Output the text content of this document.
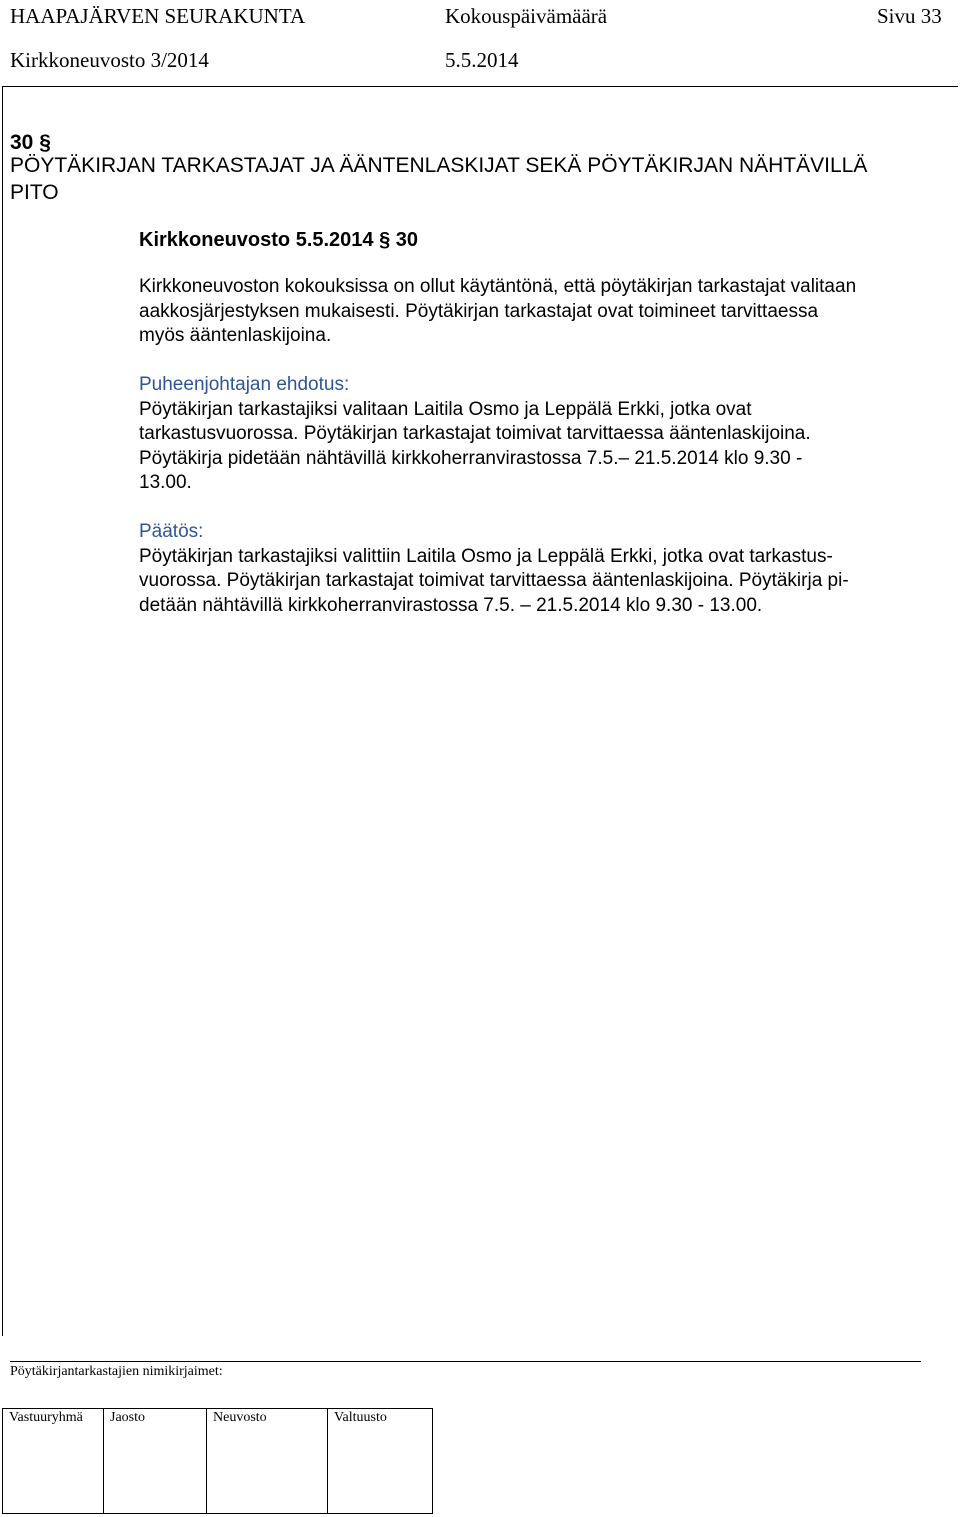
HAAPAJÄRVEN SEURAKUNTA	Kokouspäivämäärä	Sivu 33
Kirkkoneuvosto 3/2014	5.5.2014
30 §
PÖYTÄKIRJAN TARKASTAJAT JA ÄÄNTENLASKIJAT SEKÄ PÖYTÄKIRJAN NÄHTÄVILLÄ
PITO
Kirkkoneuvosto 5.5.2014 § 30
Kirkkoneuvoston kokouksissa on ollut käytäntönä, että pöytäkirjan tarkastajat valitaan
aakkosjärjestyksen mukaisesti. Pöytäkirjan tarkastajat ovat toimineet tarvittaessa
myös ääntenlaskijoina.
Puheenjohtajan ehdotus:
Pöytäkirjan tarkastajiksi valitaan Laitila Osmo ja Leppälä Erkki, jotka ovat
tarkastusvuorossa. Pöytäkirjan tarkastajat toimivat tarvittaessa ääntenlaskijoina.
Pöytäkirja pidetään nähtävillä kirkkoherranvirastossa 7.5.– 21.5.2014 klo 9.30 -
13.00.
Päätös:
Pöytäkirjan tarkastajiksi valittiin Laitila Osmo ja Leppälä Erkki, jotka ovat tarkastus-
vuorossa. Pöytäkirjan tarkastajat toimivat tarvittaessa ääntenlaskijoina. Pöytäkirja pi-
detään nähtävillä kirkkoherranvirastossa 7.5. – 21.5.2014 klo 9.30 - 13.00.
Pöytäkirjantarkastajien nimikirjaimet:
Vastuuryhmä	Jaosto	Neuvosto	Valtuusto
